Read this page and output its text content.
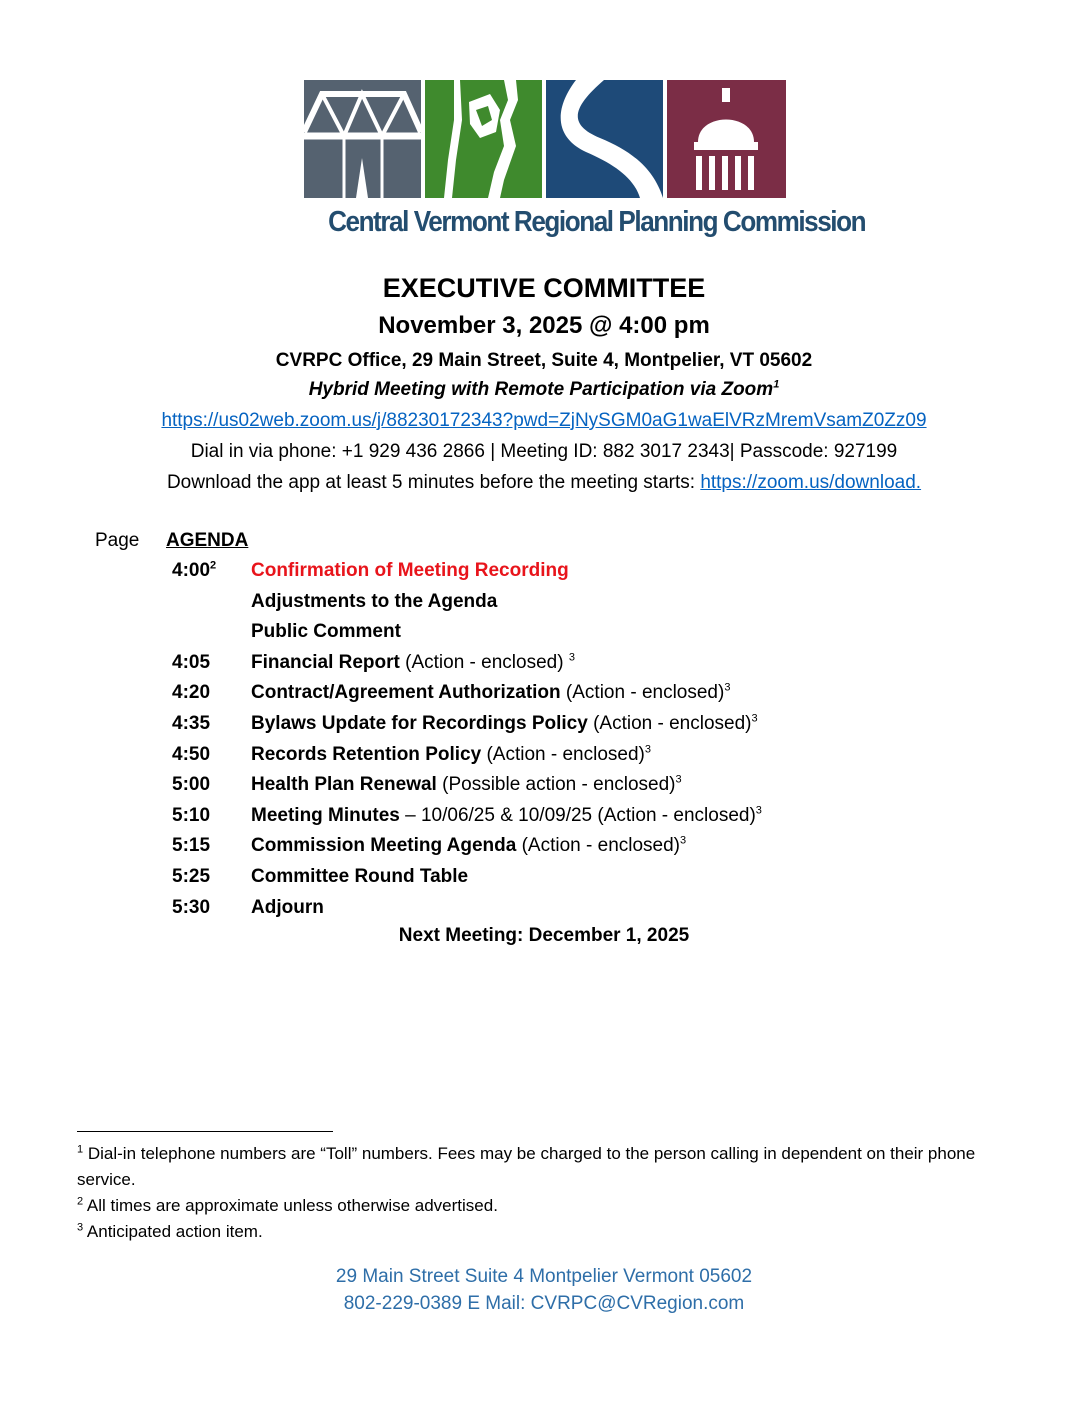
Central Vermont Regional Planning Commission
EXECUTIVE COMMITTEE
November 3, 2025 @ 4:00 pm
CVRPC Office, 29 Main Street, Suite 4, Montpelier, VT 05602
Hybrid Meeting with Remote Participation via Zoom$^1$
https://us02web.zoom.us/j/88230172343?pwd=ZjNySGM0aG1waElVRzMremVsamZ0Zz09
Dial in via phone: +1 929 436 2866 | Meeting ID: 882 3017 2343| Passcode: 927199
Download the app at least 5 minutes before the meeting starts: https://zoom.us/download.
Page AGENDA
$4:00^2$	Confirmation of Meeting Recording
Adjustments to the Agenda
Public Comment
4:05	Financial Report (Action - enclosed) $^3$
4:20	Contract/Agreement Authorization (Action - enclosed)$^3$
4:35	Bylaws Update for Recordings Policy (Action - enclosed)$^3$
4:50	Records Retention Policy (Action - enclosed)$^3$
5:00	Health Plan Renewal (Possible action - enclosed)$^3$
5:10	Meeting Minutes – 10/06/25 & 10/09/25 (Action - enclosed)$^3$
5:15	Commission Meeting Agenda (Action - enclosed)$^3$
5:25	Committee Round Table
5:30	Adjourn
Next Meeting: December 1, 2025

$^1$ Dial-in telephone numbers are “Toll” numbers. Fees may be charged to the person calling in dependent on their phone service.

$^2$ All times are approximate unless otherwise advertised.

$^3$ Anticipated action item.

29 Main Street Suite 4 Montpelier Vermont 05602
802-229-0389 E Mail: CVRPC@CVRegion.com
